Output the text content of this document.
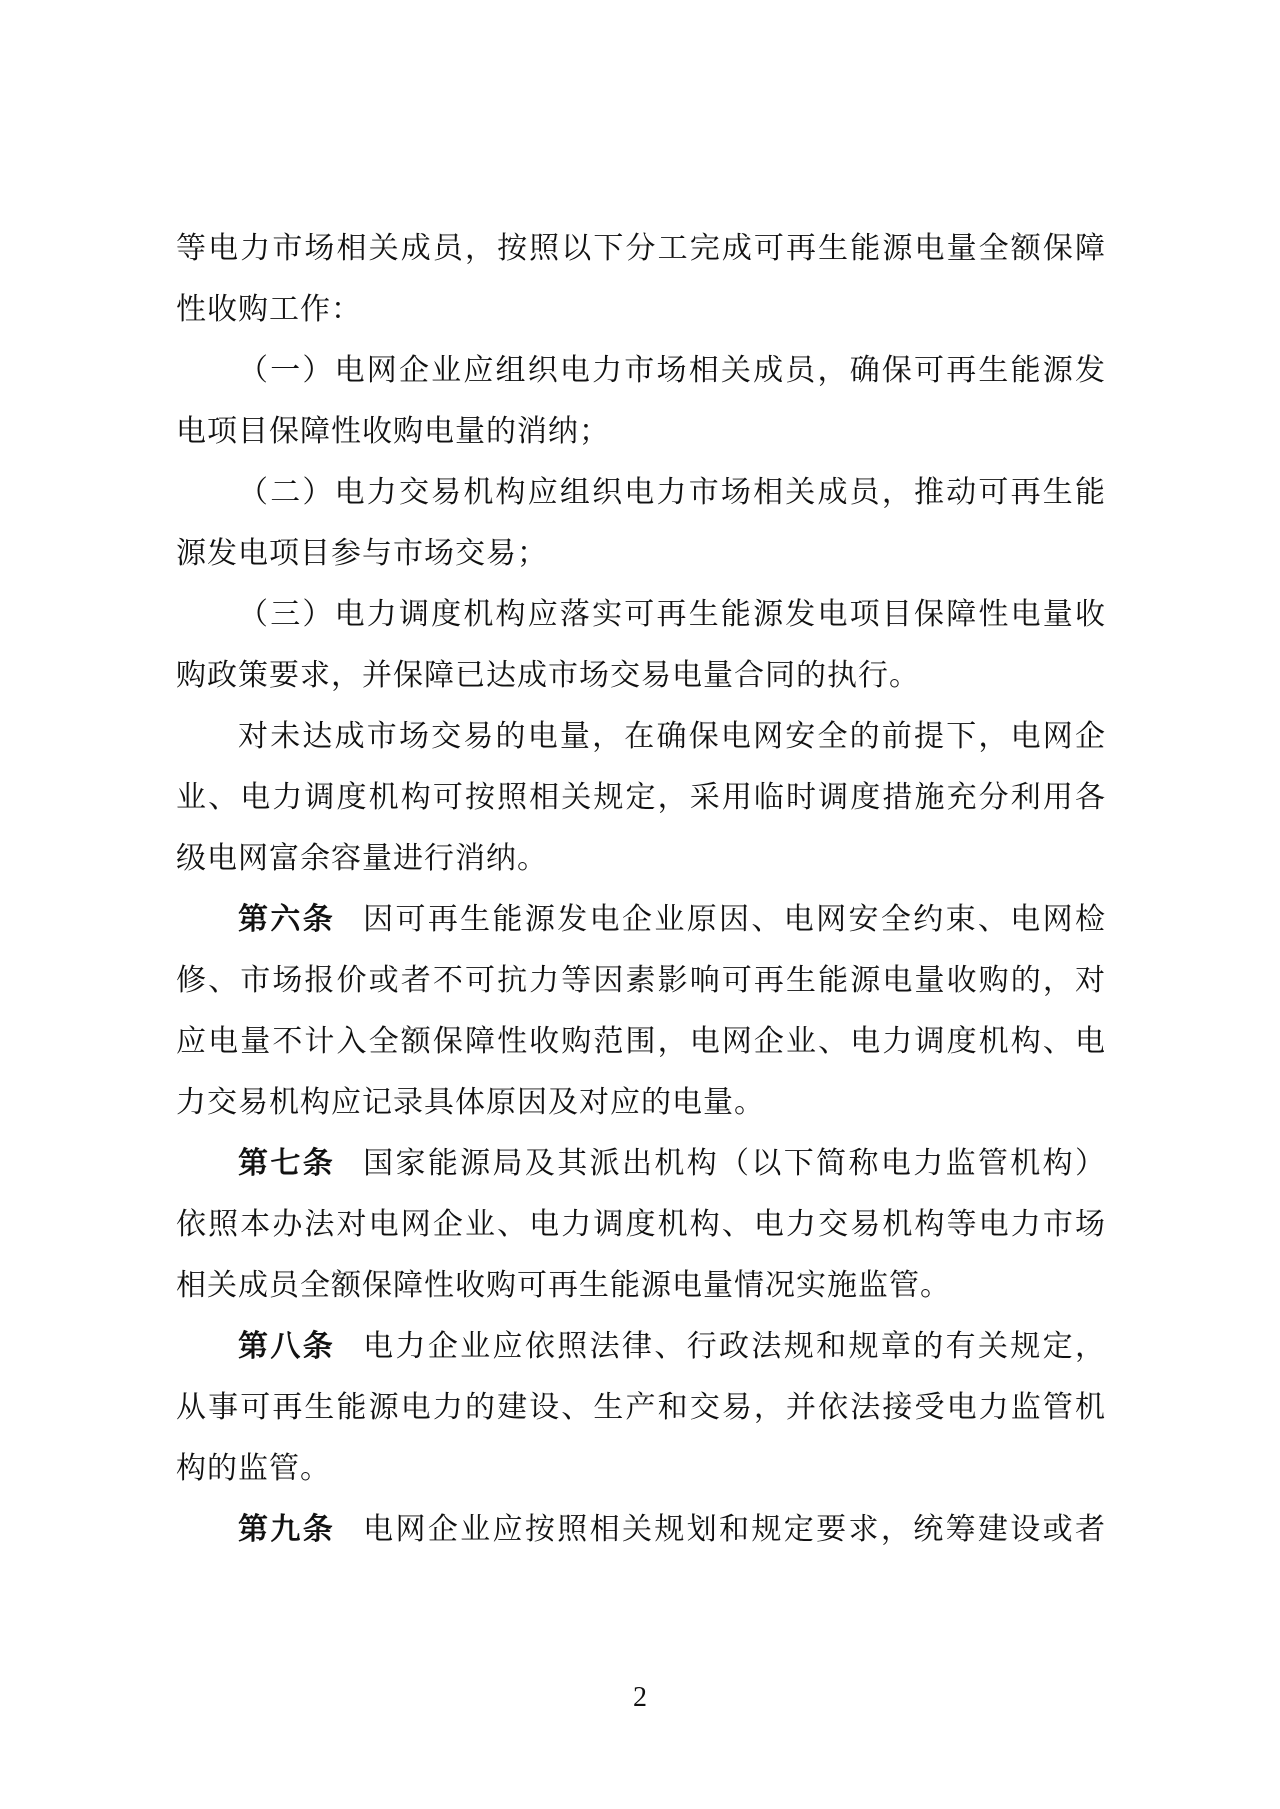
等电力市场相关成员，按照以下分工完成可再生能源电量全额保障
性收购工作：
（一）电网企业应组织电力市场相关成员，确保可再生能源发
电项目保障性收购电量的消纳；
（二）电力交易机构应组织电力市场相关成员，推动可再生能
源发电项目参与市场交易；
（三）电力调度机构应落实可再生能源发电项目保障性电量收
购政策要求，并保障已达成市场交易电量合同的执行。
对未达成市场交易的电量，在确保电网安全的前提下，电网企
业、电力调度机构可按照相关规定，采用临时调度措施充分利用各
级电网富余容量进行消纳。
第六条 因可再生能源发电企业原因、电网安全约束、电网检
修、市场报价或者不可抗力等因素影响可再生能源电量收购的，对
应电量不计入全额保障性收购范围，电网企业、电力调度机构、电
力交易机构应记录具体原因及对应的电量。
第七条 国家能源局及其派出机构（以下简称电力监管机构）
依照本办法对电网企业、电力调度机构、电力交易机构等电力市场
相关成员全额保障性收购可再生能源电量情况实施监管。
第八条 电力企业应依照法律、行政法规和规章的有关规定，
从事可再生能源电力的建设、生产和交易，并依法接受电力监管机
构的监管。
第九条 电网企业应按照相关规划和规定要求，统筹建设或者
2
